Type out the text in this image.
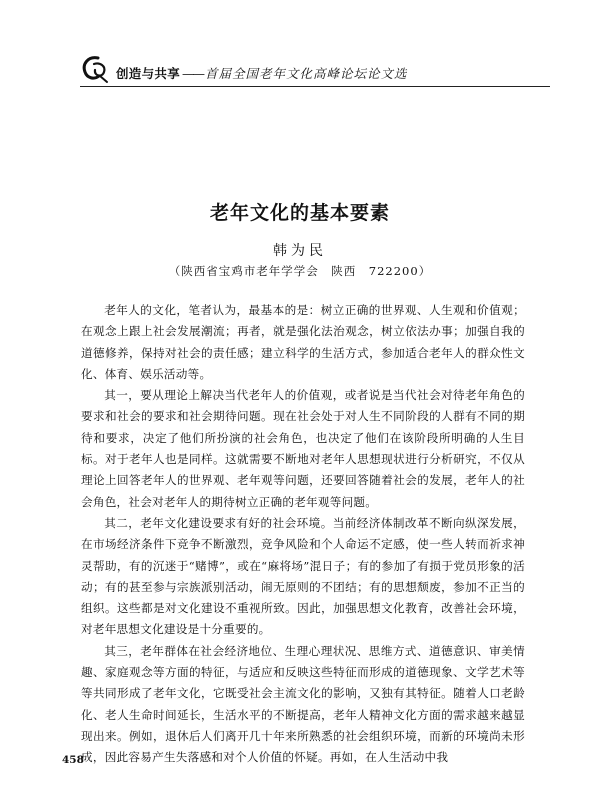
创造与共享 —— 首届全国老年文化高峰论坛论文选
老年文化的基本要素
韩为民
（陕西省宝鸡市老年学学会　陕西　722200）

老年人的文化，笔者认为，最基本的是：树立正确的世界观、人生观和价值观；在观念上跟上社会发展潮流；再者，就是强化法治观念，树立依法办事；加强自我的道德修养，保持对社会的责任感；建立科学的生活方式，参加适合老年人的群众性文化、体育、娱乐活动等。

其一，要从理论上解决当代老年人的价值观，或者说是当代社会对待老年角色的要求和社会的要求和社会期待问题。现在社会处于对人生不同阶段的人群有不同的期待和要求，决定了他们所扮演的社会角色，也决定了他们在该阶段所明确的人生目标。对于老年人也是同样。这就需要不断地对老年人思想现状进行分析研究，不仅从理论上回答老年人的世界观、老年观等问题，还要回答随着社会的发展，老年人的社会角色，社会对老年人的期待树立正确的老年观等问题。

其二，老年文化建设要求有好的社会环境。当前经济体制改革不断向纵深发展，在市场经济条件下竞争不断激烈，竞争风险和个人命运不定感，使一些人转而祈求神灵帮助，有的沉迷于“赌博”，或在“麻将场”混日子；有的参加了有损于党员形象的活动；有的甚至参与宗族派别活动，闹无原则的不团结；有的思想颓废，参加不正当的组织。这些都是对文化建设不重视所致。因此，加强思想文化教育，改善社会环境，对老年思想文化建设是十分重要的。

其三，老年群体在社会经济地位、生理心理状况、思维方式、道德意识、审美情趣、家庭观念等方面的特征，与适应和反映这些特征而形成的道德现象、文学艺术等等共同形成了老年文化，它既受社会主流文化的影响，又独有其特征。随着人口老龄化、老人生命时间延长，生活水平的不断提高，老年人精神文化方面的需求越来越显现出来。例如，退休后人们离开几十年来所熟悉的社会组织环境，而新的环境尚未形成，因此容易产生失落感和对个人价值的怀疑。再如，在人生活动中我

458
